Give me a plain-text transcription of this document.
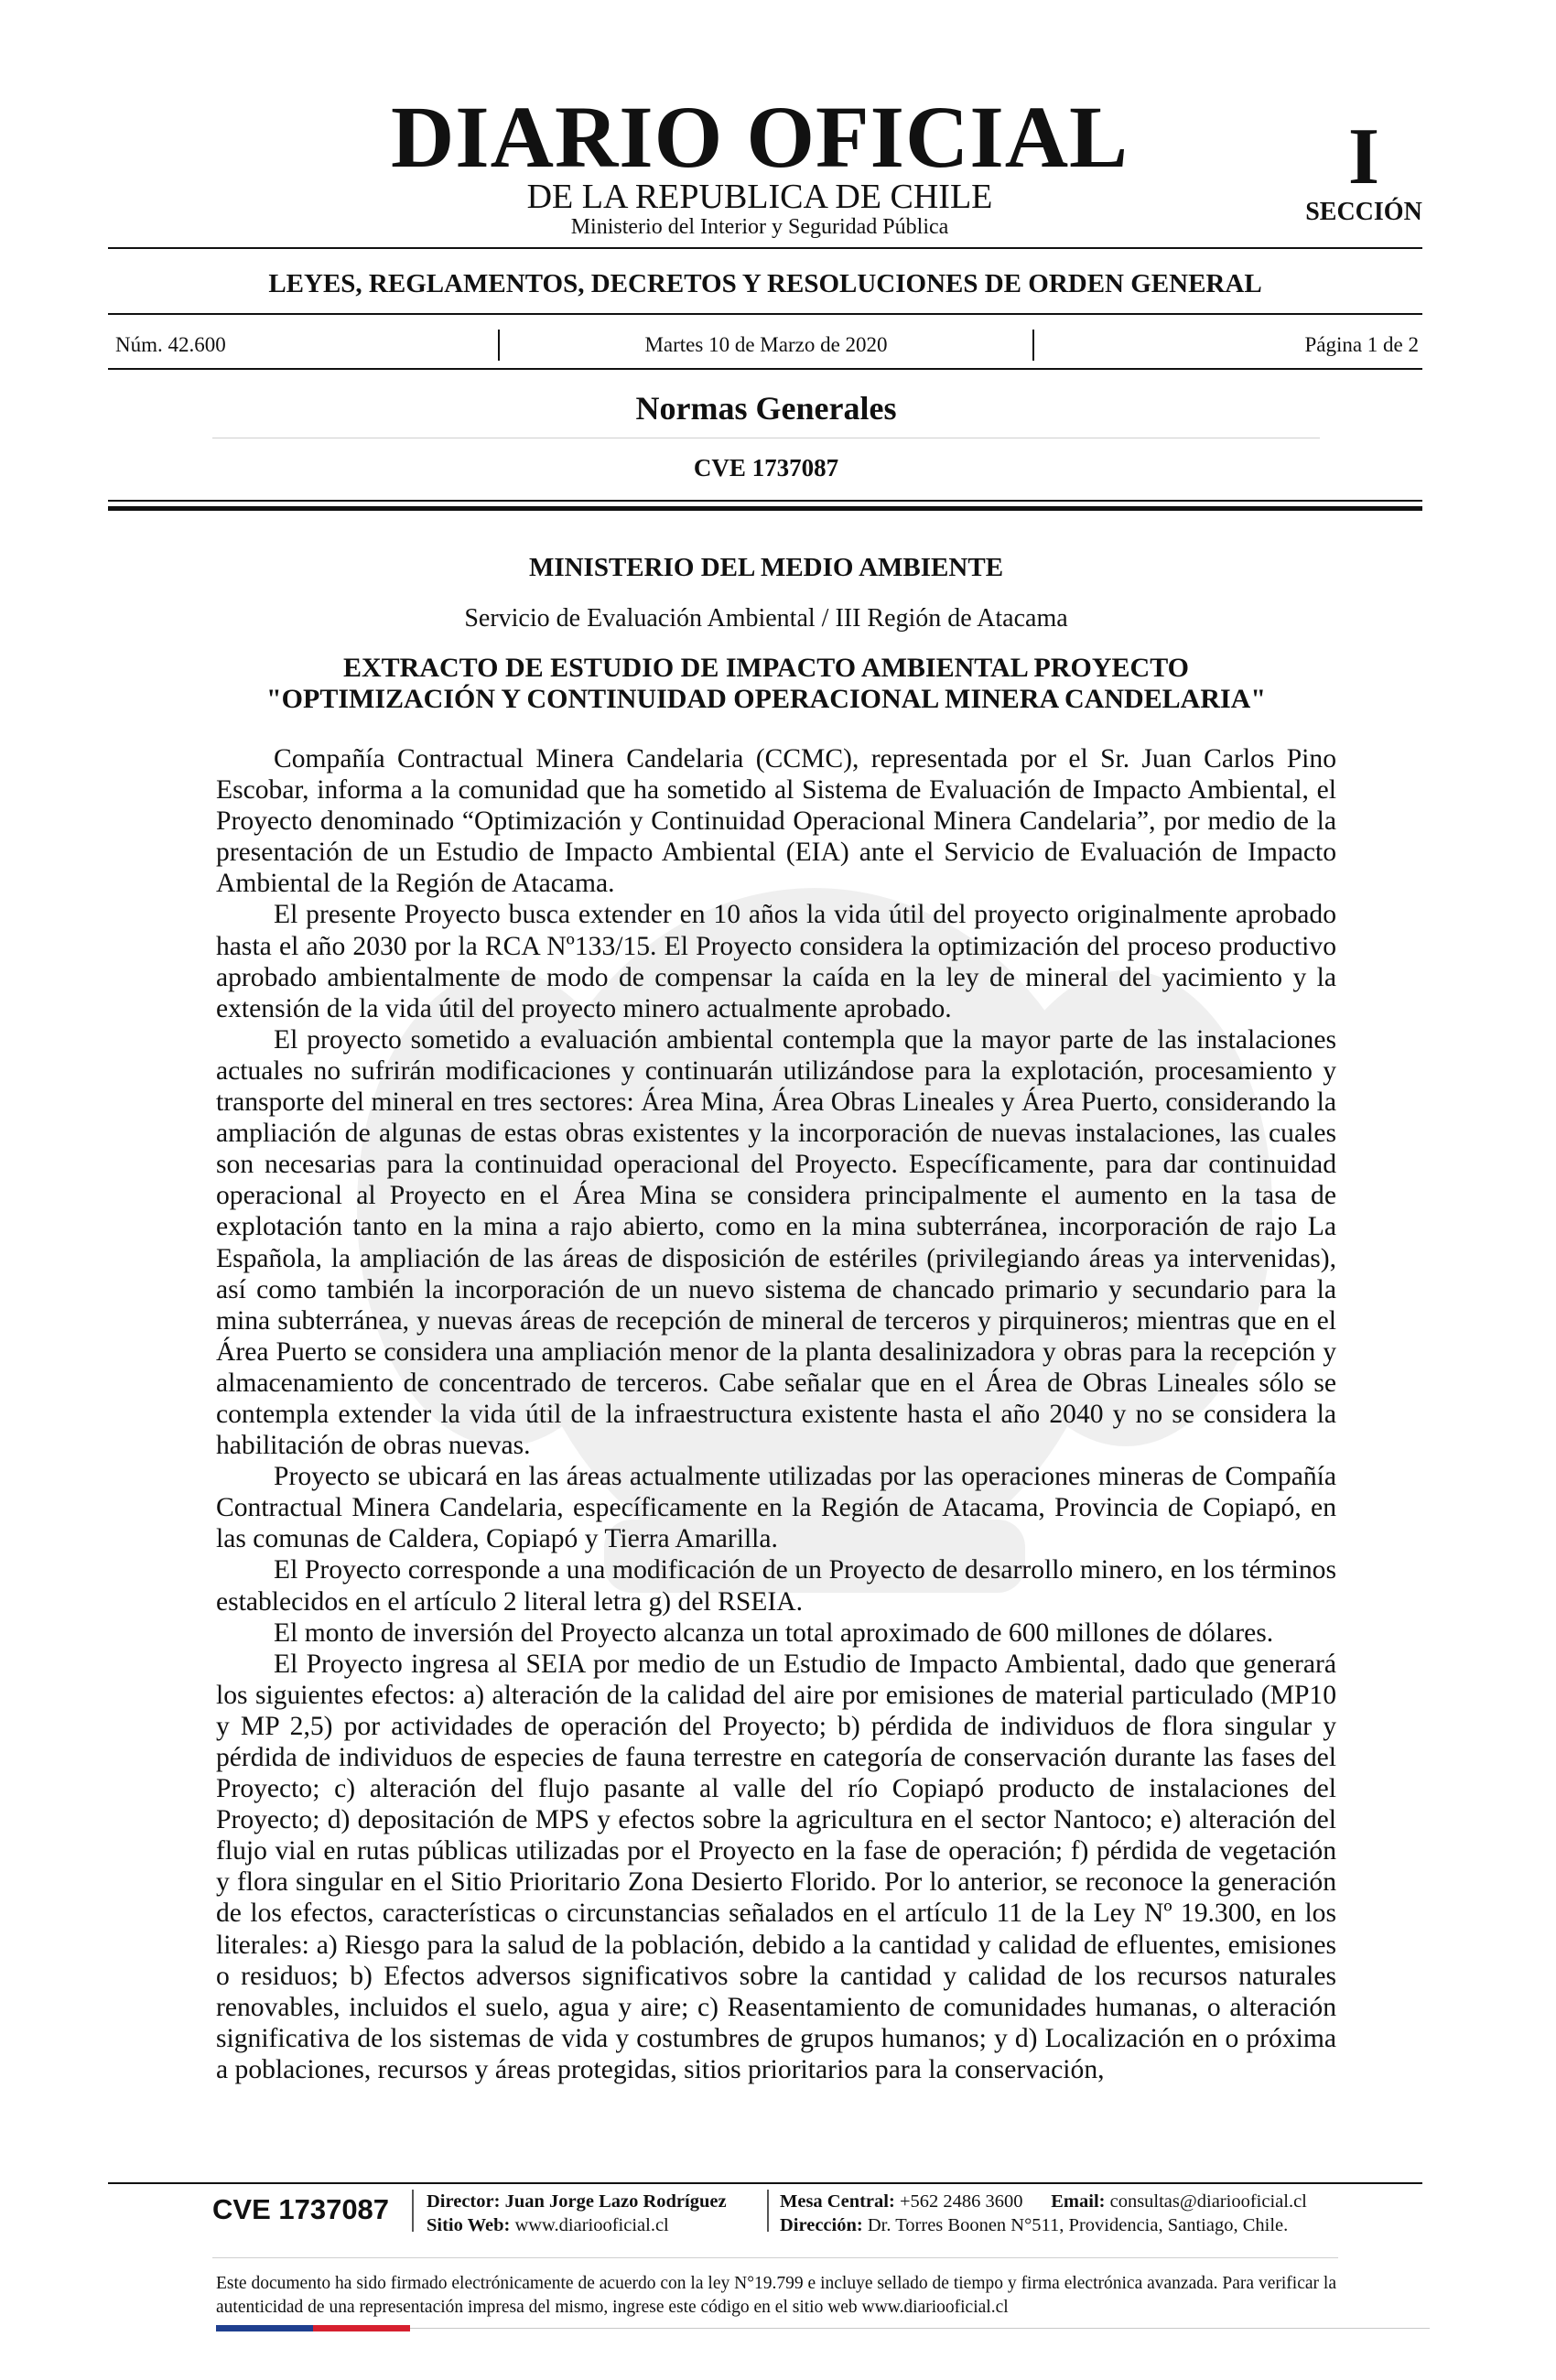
DIARIO OFICIAL
DE LA REPUBLICA DE CHILE
Ministerio del Interior y Seguridad Pública
I
SECCIÓN
LEYES, REGLAMENTOS, DECRETOS Y RESOLUCIONES DE ORDEN GENERAL
Núm. 42.600	Martes 10 de Marzo de 2020	Página 1 de 2
Normas Generales
CVE 1737087
MINISTERIO DEL MEDIO AMBIENTE
Servicio de Evaluación Ambiental / III Región de Atacama
EXTRACTO DE ESTUDIO DE IMPACTO AMBIENTAL PROYECTO
"OPTIMIZACIÓN Y CONTINUIDAD OPERACIONAL MINERA CANDELARIA"

Compañía Contractual Minera Candelaria (CCMC), representada por el Sr. Juan Carlos Pino Escobar, informa a la comunidad que ha sometido al Sistema de Evaluación de Impacto Ambiental, el Proyecto denominado “Optimización y Continuidad Operacional Minera Candelaria”, por medio de la presentación de un Estudio de Impacto Ambiental (EIA) ante el Servicio de Evaluación de Impacto Ambiental de la Región de Atacama.

El presente Proyecto busca extender en 10 años la vida útil del proyecto originalmente aprobado hasta el año 2030 por la RCA Nº133/15. El Proyecto considera la optimización del proceso productivo aprobado ambientalmente de modo de compensar la caída en la ley de mineral del yacimiento y la extensión de la vida útil del proyecto minero actualmente aprobado.

El proyecto sometido a evaluación ambiental contempla que la mayor parte de las instalaciones actuales no sufrirán modificaciones y continuarán utilizándose para la explotación, procesamiento y transporte del mineral en tres sectores: Área Mina, Área Obras Lineales y Área Puerto, considerando la ampliación de algunas de estas obras existentes y la incorporación de nuevas instalaciones, las cuales son necesarias para la continuidad operacional del Proyecto. Específicamente, para dar continuidad operacional al Proyecto en el Área Mina se considera principalmente el aumento en la tasa de explotación tanto en la mina a rajo abierto, como en la mina subterránea, incorporación de rajo La Española, la ampliación de las áreas de disposición de estériles (privilegiando áreas ya intervenidas), así como también la incorporación de un nuevo sistema de chancado primario y secundario para la mina subterránea, y nuevas áreas de recepción de mineral de terceros y pirquineros; mientras que en el Área Puerto se considera una ampliación menor de la planta desalinizadora y obras para la recepción y almacenamiento de concentrado de terceros. Cabe señalar que en el Área de Obras Lineales sólo se contempla extender la vida útil de la infraestructura existente hasta el año 2040 y no se considera la habilitación de obras nuevas.

Proyecto se ubicará en las áreas actualmente utilizadas por las operaciones mineras de Compañía Contractual Minera Candelaria, específicamente en la Región de Atacama, Provincia de Copiapó, en las comunas de Caldera, Copiapó y Tierra Amarilla.

El Proyecto corresponde a una modificación de un Proyecto de desarrollo minero, en los términos establecidos en el artículo 2 literal letra g) del RSEIA.

El monto de inversión del Proyecto alcanza un total aproximado de 600 millones de dólares.

El Proyecto ingresa al SEIA por medio de un Estudio de Impacto Ambiental, dado que generará los siguientes efectos: a) alteración de la calidad del aire por emisiones de material particulado (MP10 y MP 2,5) por actividades de operación del Proyecto; b) pérdida de individuos de flora singular y pérdida de individuos de especies de fauna terrestre en categoría de conservación durante las fases del Proyecto; c) alteración del flujo pasante al valle del río Copiapó producto de instalaciones del Proyecto; d) depositación de MPS y efectos sobre la agricultura en el sector Nantoco; e) alteración del flujo vial en rutas públicas utilizadas por el Proyecto en la fase de operación; f) pérdida de vegetación y flora singular en el Sitio Prioritario Zona Desierto Florido. Por lo anterior, se reconoce la generación de los efectos, características o circunstancias señalados en el artículo 11 de la Ley Nº 19.300, en los literales: a) Riesgo para la salud de la población, debido a la cantidad y calidad de efluentes, emisiones o residuos; b) Efectos adversos significativos sobre la cantidad y calidad de los recursos naturales renovables, incluidos el suelo, agua y aire; c) Reasentamiento de comunidades humanas, o alteración significativa de los sistemas de vida y costumbres de grupos humanos; y d) Localización en o próxima a poblaciones, recursos y áreas protegidas, sitios prioritarios para la conservación,

CVE 1737087	Director: Juan Jorge Lazo Rodríguez
Sitio Web: www.diariooficial.cl
Mesa Central: +562 2486 3600 Email: consultas@diariooficial.cl
Dirección: Dr. Torres Boonen N°511, Providencia, Santiago, Chile.
Este documento ha sido firmado electrónicamente de acuerdo con la ley N°19.799 e incluye sellado de tiempo y firma electrónica avanzada. Para verificar la autenticidad de una representación impresa del mismo, ingrese este código en el sitio web www.diariooficial.cl
